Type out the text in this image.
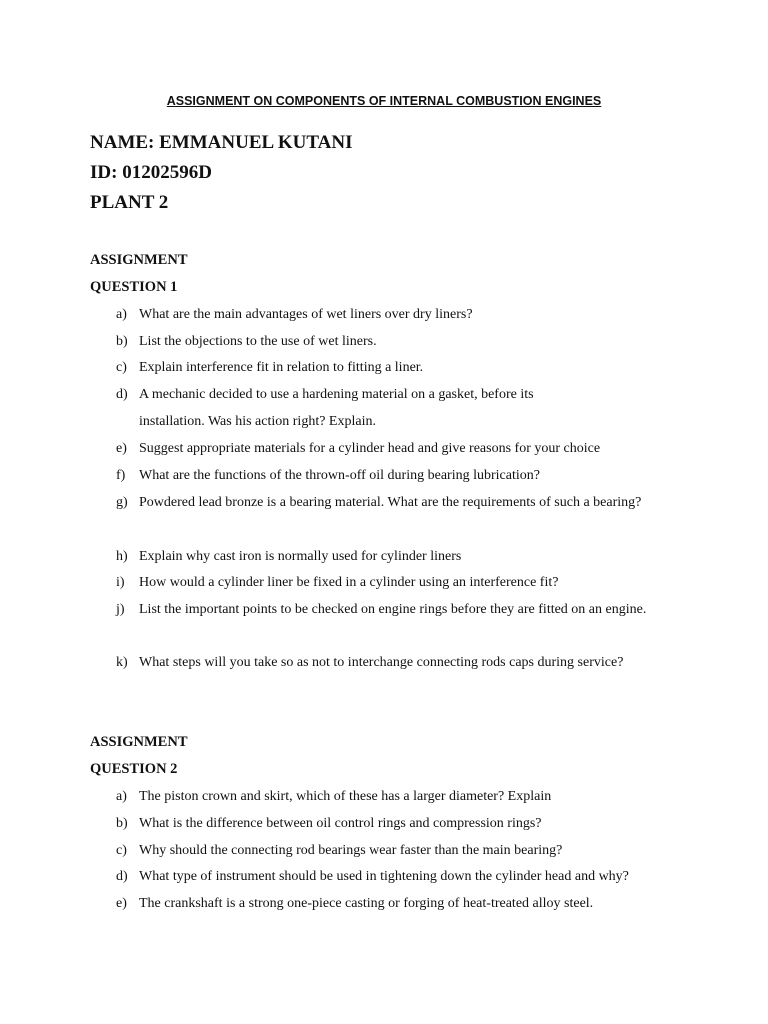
ASSIGNMENT ON COMPONENTS OF INTERNAL COMBUSTION ENGINES
NAME: EMMANUEL KUTANI
ID: 01202596D
PLANT 2
ASSIGNMENT
QUESTION 1
a) What are the main advantages of wet liners over dry liners?
b) List the objections to the use of wet liners.
c) Explain interference fit in relation to fitting a liner.
d) A mechanic decided to use a hardening material on a gasket, before its installation. Was his action right? Explain.
e) Suggest appropriate materials for a cylinder head and give reasons for your choice
f) What are the functions of the thrown-off oil during bearing lubrication?
g) Powdered lead bronze is a bearing material. What are the requirements of such a bearing?
h) Explain why cast iron is normally used for cylinder liners
i)	How would a cylinder liner be fixed in a cylinder using an interference fit?
j)	List the important points to be checked on engine rings before they are fitted on an engine.
k) What steps will you take so as not to interchange connecting rods caps during service?
ASSIGNMENT
QUESTION 2
a) The piston crown and skirt, which of these has a larger diameter? Explain
b) What is the difference between oil control rings and compression rings?
c) Why should the connecting rod bearings wear faster than the main bearing?
d) What type of instrument should be used in tightening down the cylinder head and why?
e) The crankshaft is a strong one-piece casting or forging of heat-treated alloy steel.
